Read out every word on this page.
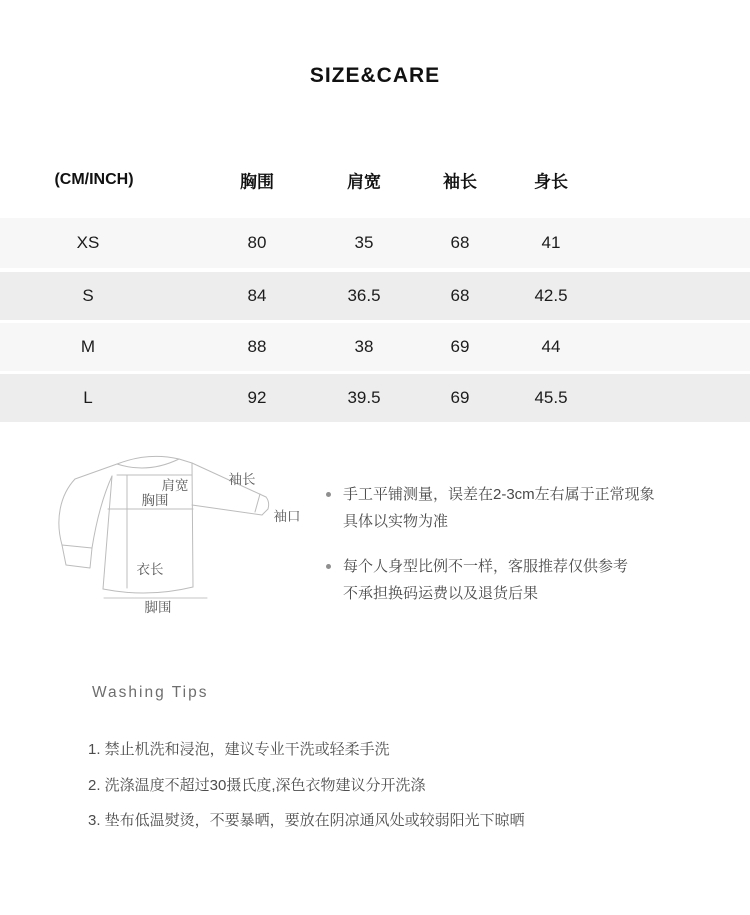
SIZE&CARE
(CM/INCH)	胸围	肩宽	袖长	身长
XS	80	35	68	41
S	84	36.5	68	42.5
M	88	38	69	44
L	92	39.5	69	45.5
肩宽
胸围
袖长
袖口
衣长
脚围
手工平铺测量，误差在2-3cm左右属于正常现象
具体以实物为准
每个人身型比例不一样，客服推荐仅供参考
不承担换码运费以及退货后果
Washing Tips
1. 禁止机洗和浸泡，建议专业干洗或轻柔手洗
2. 洗涤温度不超过30摄氏度,深色衣物建议分开洗涤
3. 垫布低温熨烫，不要暴晒，要放在阴凉通风处或较弱阳光下晾晒
